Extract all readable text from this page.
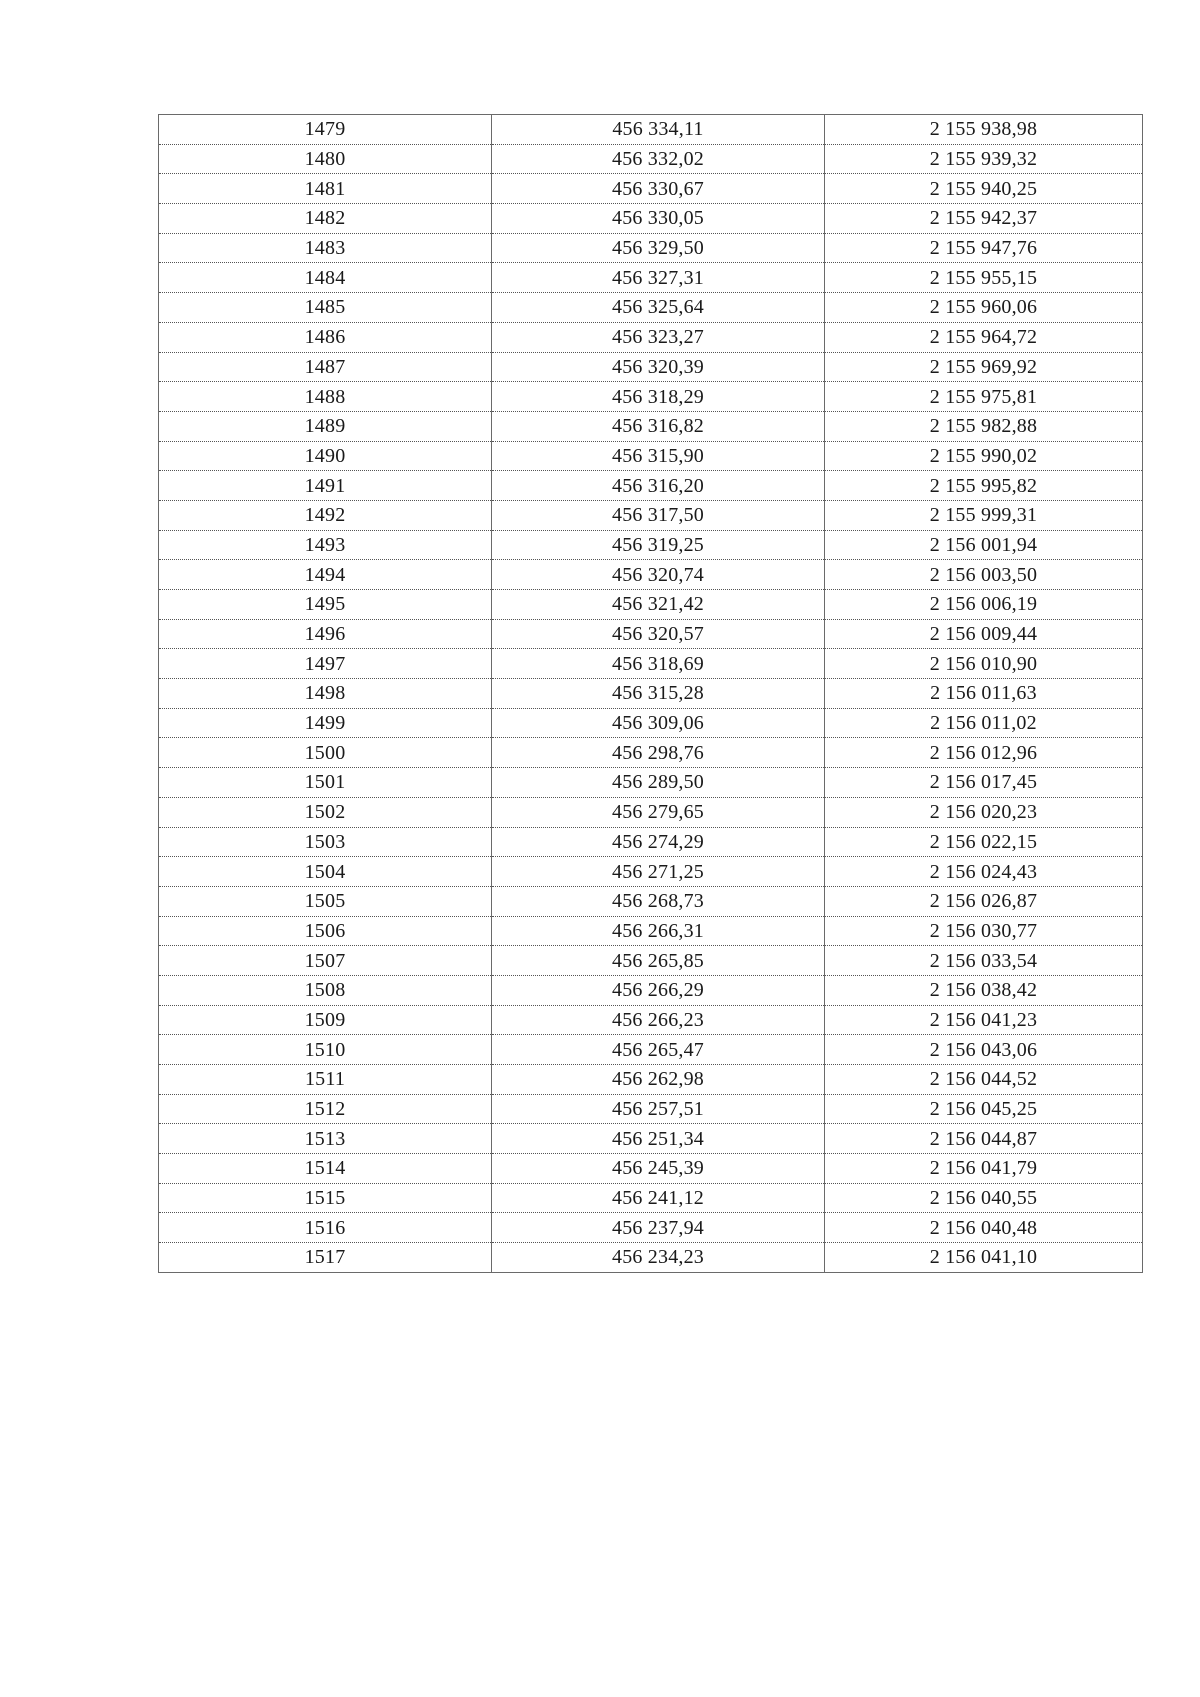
1479	456 334,11	2 155 938,98
1480	456 332,02	2 155 939,32
1481	456 330,67	2 155 940,25
1482	456 330,05	2 155 942,37
1483	456 329,50	2 155 947,76
1484	456 327,31	2 155 955,15
1485	456 325,64	2 155 960,06
1486	456 323,27	2 155 964,72
1487	456 320,39	2 155 969,92
1488	456 318,29	2 155 975,81
1489	456 316,82	2 155 982,88
1490	456 315,90	2 155 990,02
1491	456 316,20	2 155 995,82
1492	456 317,50	2 155 999,31
1493	456 319,25	2 156 001,94
1494	456 320,74	2 156 003,50
1495	456 321,42	2 156 006,19
1496	456 320,57	2 156 009,44
1497	456 318,69	2 156 010,90
1498	456 315,28	2 156 011,63
1499	456 309,06	2 156 011,02
1500	456 298,76	2 156 012,96
1501	456 289,50	2 156 017,45
1502	456 279,65	2 156 020,23
1503	456 274,29	2 156 022,15
1504	456 271,25	2 156 024,43
1505	456 268,73	2 156 026,87
1506	456 266,31	2 156 030,77
1507	456 265,85	2 156 033,54
1508	456 266,29	2 156 038,42
1509	456 266,23	2 156 041,23
1510	456 265,47	2 156 043,06
1511	456 262,98	2 156 044,52
1512	456 257,51	2 156 045,25
1513	456 251,34	2 156 044,87
1514	456 245,39	2 156 041,79
1515	456 241,12	2 156 040,55
1516	456 237,94	2 156 040,48
1517	456 234,23	2 156 041,10
